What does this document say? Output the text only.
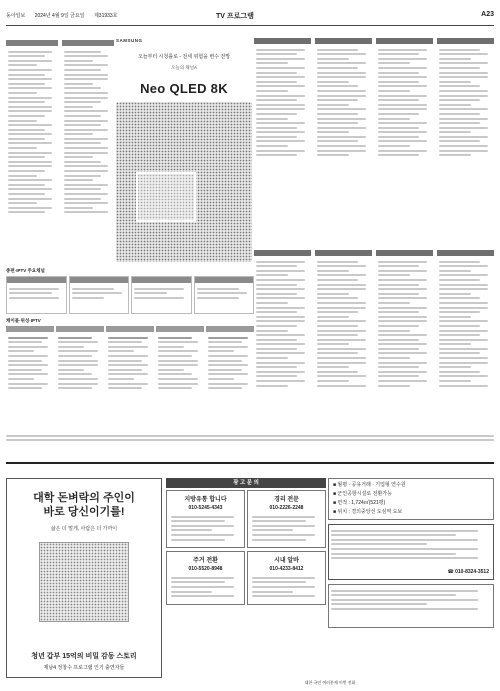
동아일보 2024년 4월 9일 금요일 제31933호	TV 프로그램	A23

SAMSUNG
오늘부터 시청률로 - 전세 위험을 변수 전망
오늘의 채널A
Neo QLED 8K

종편·IPTV 주요채널

케이블·위성·IPTV

대학 돈벼락의 주인이
바로 당신이기를!
삶은 더 멀게, 사람은 더 가까이
청년 갑부 15억의 비밀 감동 스토리
제남4 정창수 프로그램 인기 출연자들
광 고 문 의
지방유통 합니다
010-5245-4343
주거 전환
010-5520-8948
경리 전문
010-2226-2248
시내 알바
010-4233-8412
■ 월평 · 공유거래 · 기업형 연수원
■ 군인공항시설로 전환가능
■ 면적 : 1,724㎡(521평)
■ 위치 : 경의중앙선 도심역 도보
☎ 010-8324-3512
대한 국민 여러분께 이번 전화
